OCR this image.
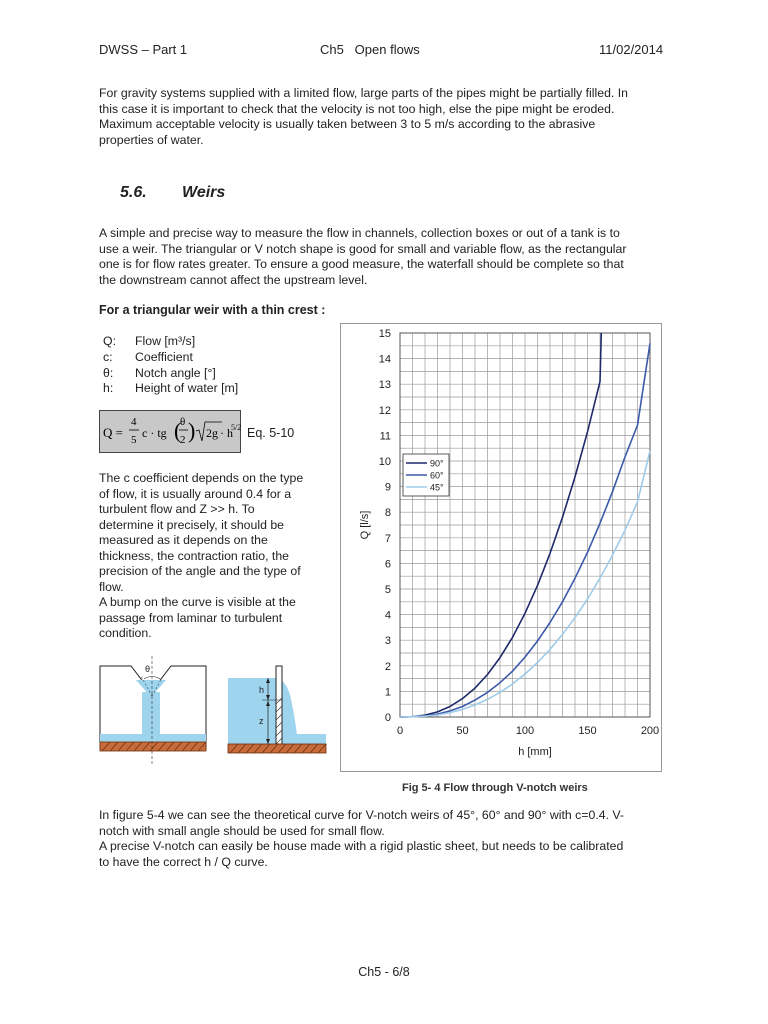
DWSS – Part 1	Ch5   Open flows	11/02/2014
For gravity systems supplied with a limited flow, large parts of the pipes might be partially filled. In
this case it is important to check that the velocity is not too high, else the pipe might be eroded.
Maximum acceptable velocity is usually taken between 3 to 5 m/s according to the abrasive
properties of water.
5.6. Weirs
A simple and precise way to measure the flow in channels, collection boxes or out of a tank is to
use a weir. The triangular or V notch shape is good for small and variable flow, as the rectangular
one is for flow rates greater. To ensure a good measure, the waterfall should be complete so that
the downstream cannot affect the upstream level.
For a triangular weir with a thin crest :
Q:	Flow [m³/s]
c:	Coefficient
θ:	Notch angle [°]
h:	Height of water [m]
Q =
4
5 c · tg (
θ
2 ) 2g · h
5/2 Eq. 5-10
The c coefficient depends on the type
of flow, it is usually around 0.4 for a
turbulent flow and Z >> h. To
determine it precisely, it should be
measured as it depends on the
thickness, the contraction ratio, the
precision of the angle and the type of
flow.
A bump on the curve is visible at the
passage from laminar to turbulent
condition.
θ
h
z	0
1
2
3
4
5
6
7
8
9
10
11
12
13
14
15
0	50	100	150	200
h [mm]
Q [l/s]
90°
60°
45°
Fig 5- 4 Flow through V-notch weirs
In figure 5-4 we can see the theoretical curve for V-notch weirs of 45°, 60° and 90° with c=0.4. V-
notch with small angle should be used for small flow.
A precise V-notch can easily be house made with a rigid plastic sheet, but needs to be calibrated
to have the correct h / Q curve.
Ch5 - 6/8
